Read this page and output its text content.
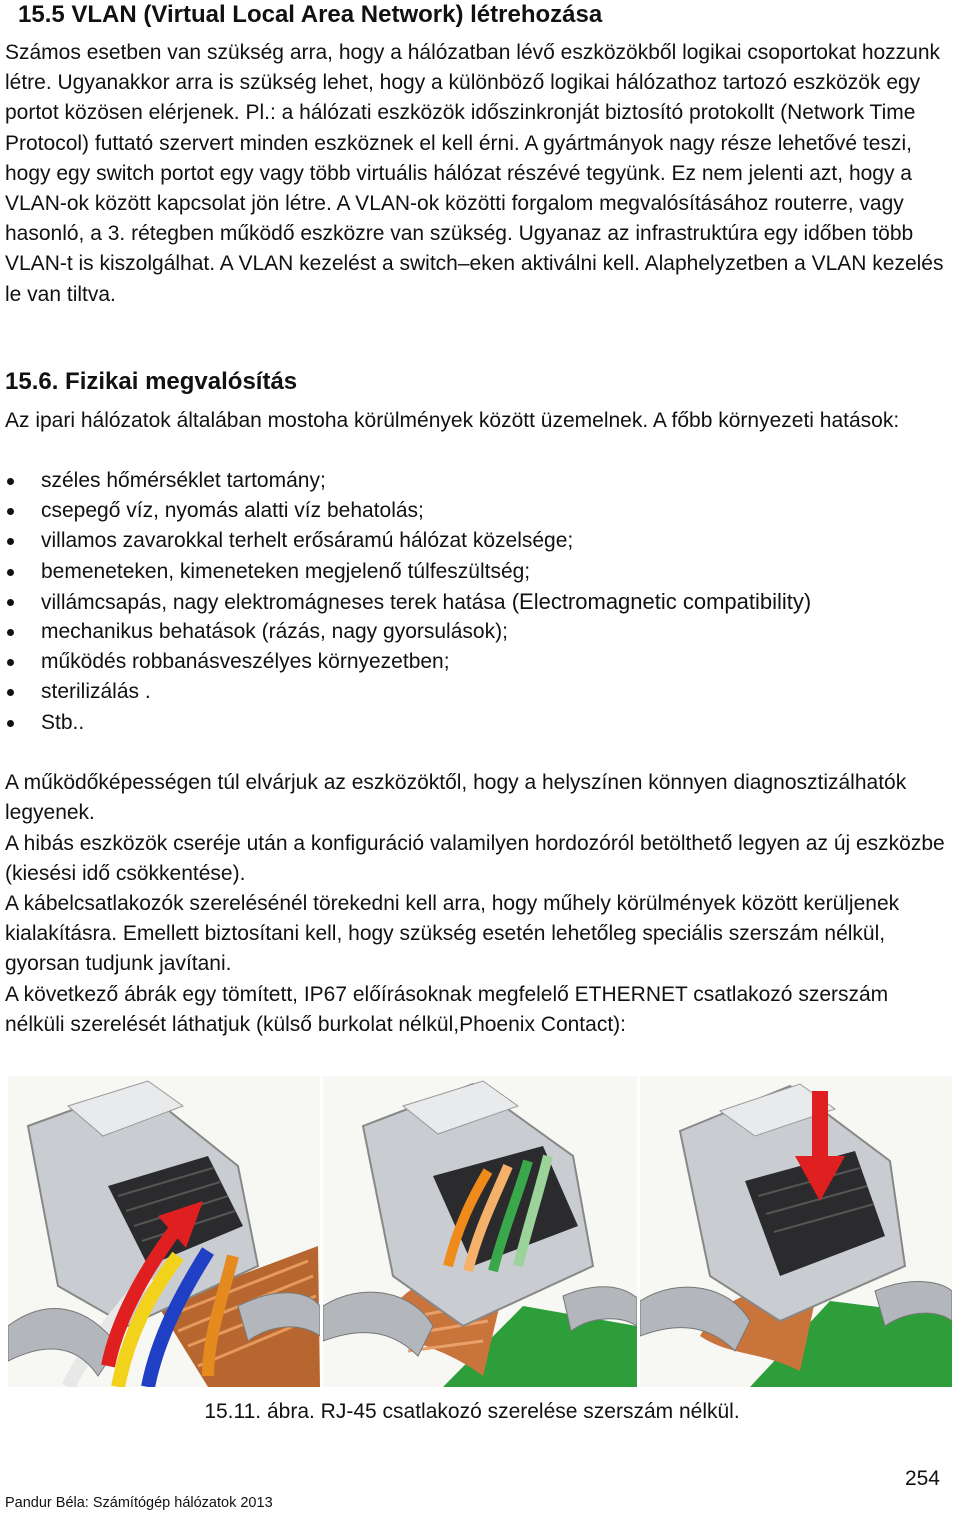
15.5 VLAN (Virtual Local Area Network) létrehozása

Számos esetben van szükség arra, hogy a hálózatban lévő eszközökből logikai csoportokat hozzunk létre. Ugyanakkor arra is szükség lehet, hogy a különböző logikai hálózathoz tartozó eszközök egy portot közösen elérjenek. Pl.: a hálózati eszközök időszinkronját biztosító protokollt (Network Time Protocol) futtató szervert minden eszköznek el kell érni. A gyártmányok nagy része lehetővé teszi, hogy egy switch portot egy vagy több virtuális hálózat részévé tegyünk. Ez nem jelenti azt, hogy a VLAN-ok között kapcsolat jön létre. A VLAN-ok közötti forgalom megvalósításához routerre, vagy hasonló, a 3. rétegben működő eszközre van szükség. Ugyanaz az infrastruktúra egy időben több VLAN-t is kiszolgálhat. A VLAN kezelést a switch–eken aktiválni kell. Alaphelyzetben a VLAN kezelés le van tiltva.

15.6. Fizikai megvalósítás

Az ipari hálózatok általában mostoha körülmények között üzemelnek. A főbb környezeti hatások:

széles hőmérséklet tartomány;
csepegő víz, nyomás alatti víz behatolás;
villamos zavarokkal terhelt erősáramú hálózat közelsége;
bemeneteken, kimeneteken megjelenő túlfeszültség;
villámcsapás, nagy elektromágneses terek hatása (Electromagnetic compatibility)
mechanikus behatások (rázás, nagy gyorsulások);
működés robbanásveszélyes környezetben;
sterilizálás .
Stb..

A működőképességen túl elvárjuk az eszközöktől, hogy a helyszínen könnyen diagnosztizálhatók legyenek.

A hibás eszközök cseréje után a konfiguráció valamilyen hordozóról betölthető legyen az új eszközbe (kiesési idő csökkentése).

A kábelcsatlakozók szerelésénél törekedni kell arra, hogy műhely körülmények között kerüljenek kialakításra. Emellett biztosítani kell, hogy szükség esetén lehetőleg speciális szerszám nélkül, gyorsan tudjunk javítani.

A következő ábrák egy tömített, IP67 előírásoknak megfelelő ETHERNET csatlakozó szerszám nélküli szerelését láthatjuk (külső burkolat nélkül,Phoenix Contact):

15.11. ábra. RJ-45 csatlakozó szerelése szerszám nélkül.
254
Pandur Béla: Számítógép hálózatok 2013
